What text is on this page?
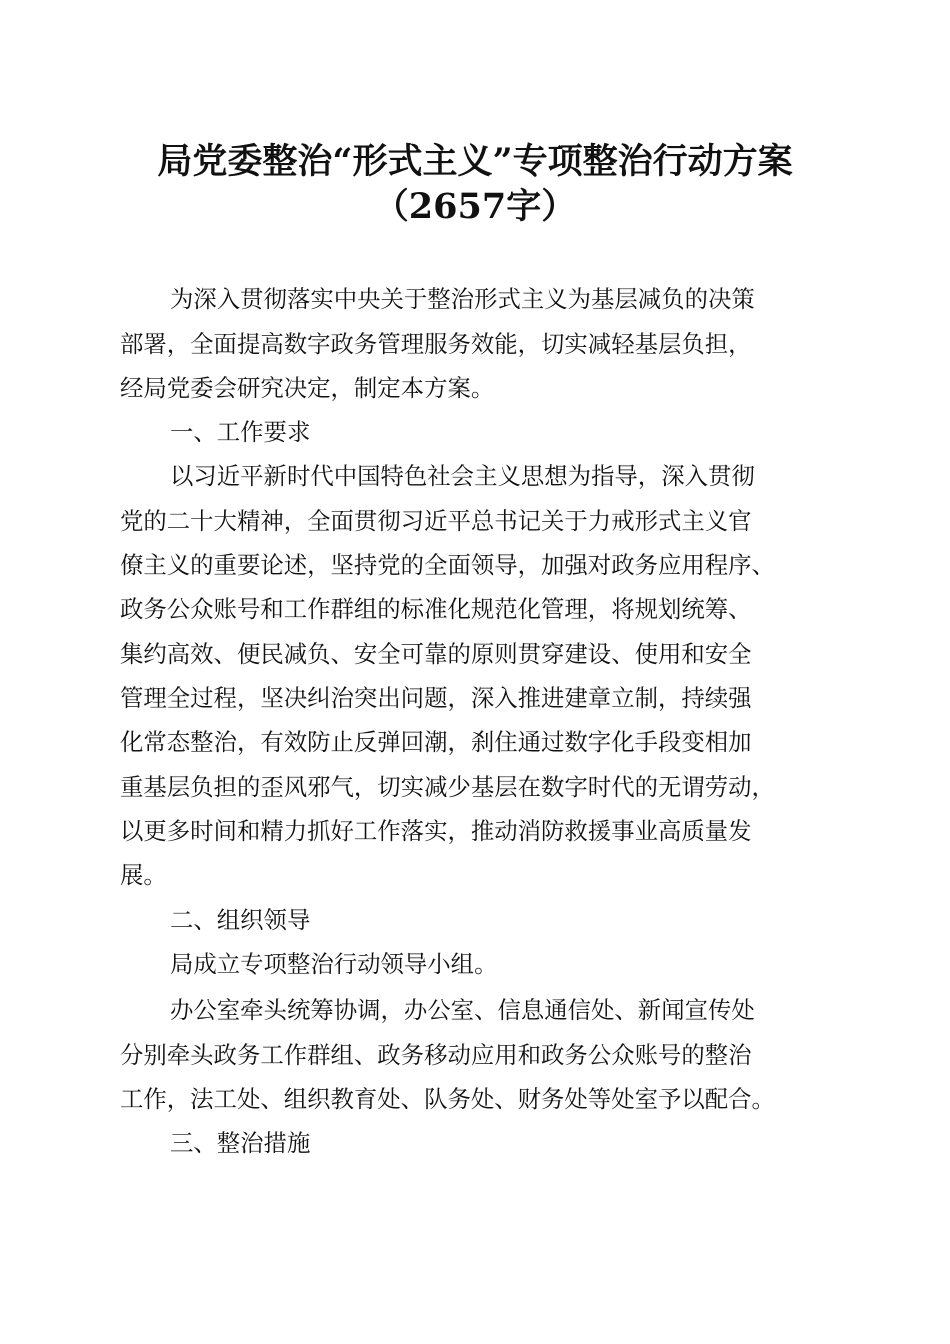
局党委整治“形式主义”专项整治行动方案
（2657字）
为深入贯彻落实中央关于整治形式主义为基层减负的决策
部署，全面提高数字政务管理服务效能，切实减轻基层负担，
经局党委会研究决定，制定本方案。
一、工作要求
以习近平新时代中国特色社会主义思想为指导，深入贯彻
党的二十大精神，全面贯彻习近平总书记关于力戒形式主义官
僚主义的重要论述，坚持党的全面领导，加强对政务应用程序、
政务公众账号和工作群组的标准化规范化管理，将规划统筹、
集约高效、便民减负、安全可靠的原则贯穿建设、使用和安全
管理全过程，坚决纠治突出问题，深入推进建章立制，持续强
化常态整治，有效防止反弹回潮，刹住通过数字化手段变相加
重基层负担的歪风邪气，切实减少基层在数字时代的无谓劳动，
以更多时间和精力抓好工作落实，推动消防救援事业高质量发
展。
二、组织领导
局成立专项整治行动领导小组。
办公室牵头统筹协调，办公室、信息通信处、新闻宣传处
分别牵头政务工作群组、政务移动应用和政务公众账号的整治
工作，法工处、组织教育处、队务处、财务处等处室予以配合。
三、整治措施
